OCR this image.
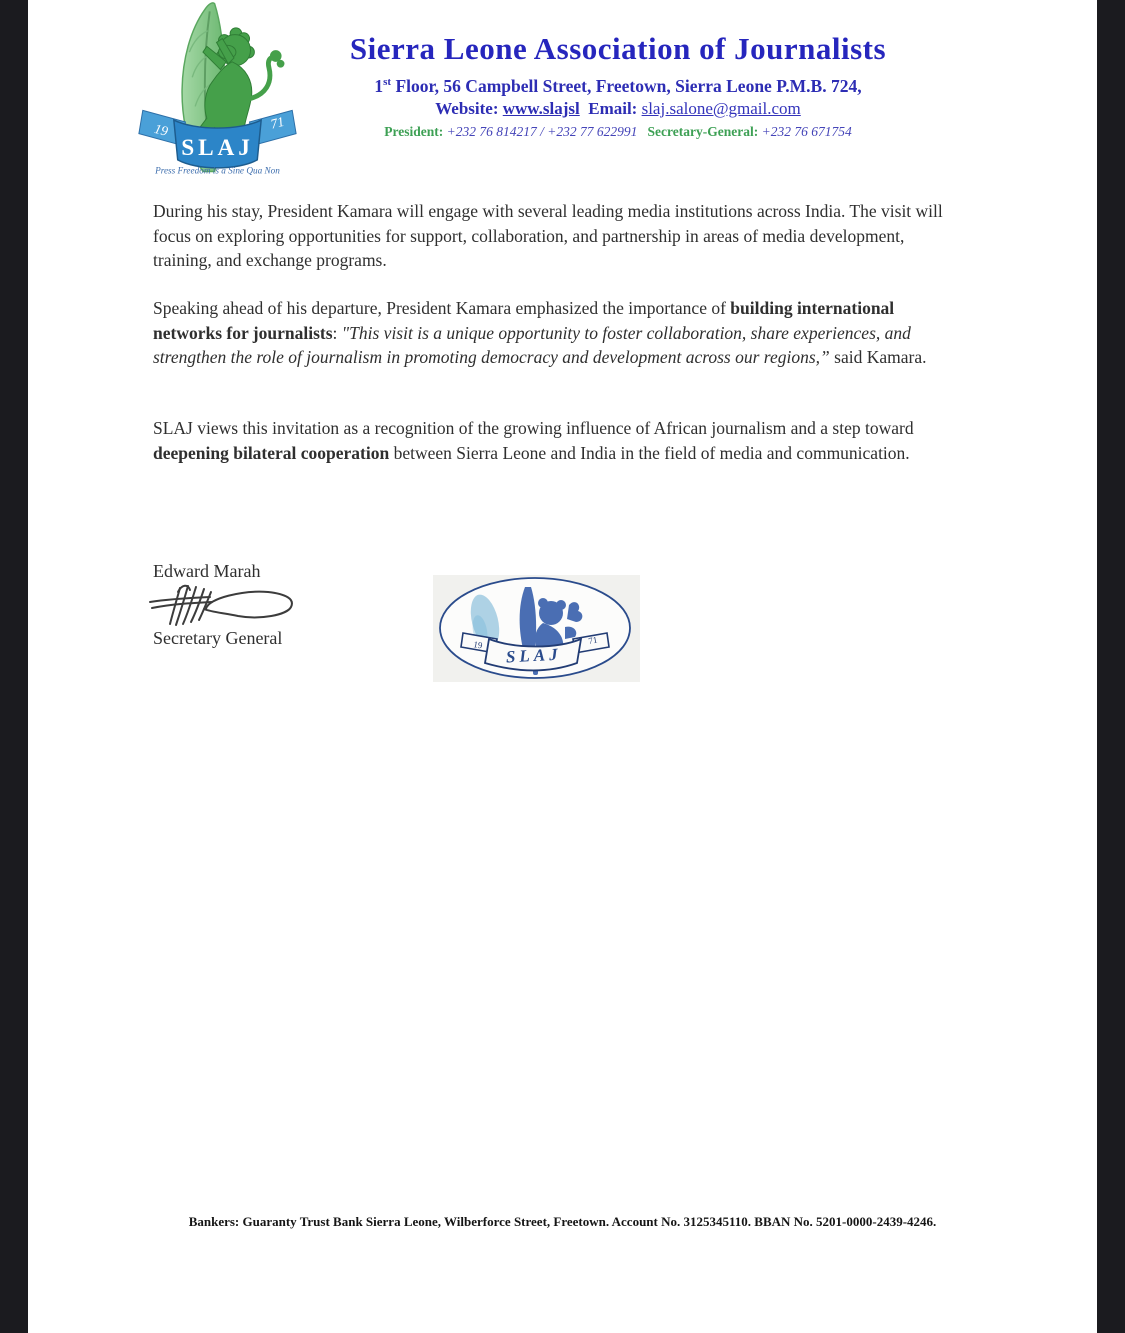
19	71
SLAJ
Press Freedom is a Sine Qua Non
Sierra Leone Association of Journalists
1st Floor, 56 Campbell Street, Freetown, Sierra Leone P.M.B. 724,
Website: www.slajsl Email: slaj.salone@gmail.com
President: +232 76 814217 / +232 77 622991 Secretary-General: +232 76 671754

During his stay, President Kamara will engage with several leading media institutions across India. The visit will focus on exploring opportunities for support, collaboration, and partnership in areas of media development, training, and exchange programs.

Speaking ahead of his departure, President Kamara emphasized the importance of building international networks for journalists: "This visit is a unique opportunity to foster collaboration, share experiences, and strengthen the role of journalism in promoting democracy and development across our regions,” said Kamara.

SLAJ views this invitation as a recognition of the growing influence of African journalism and a step toward deepening bilateral cooperation between Sierra Leone and India in the field of media and communication.

Edward Marah
Secretary General	19	71
SLAJ
Bankers: Guaranty Trust Bank Sierra Leone, Wilberforce Street, Freetown. Account No. 3125345110. BBAN No. 5201-0000-2439-4246.
